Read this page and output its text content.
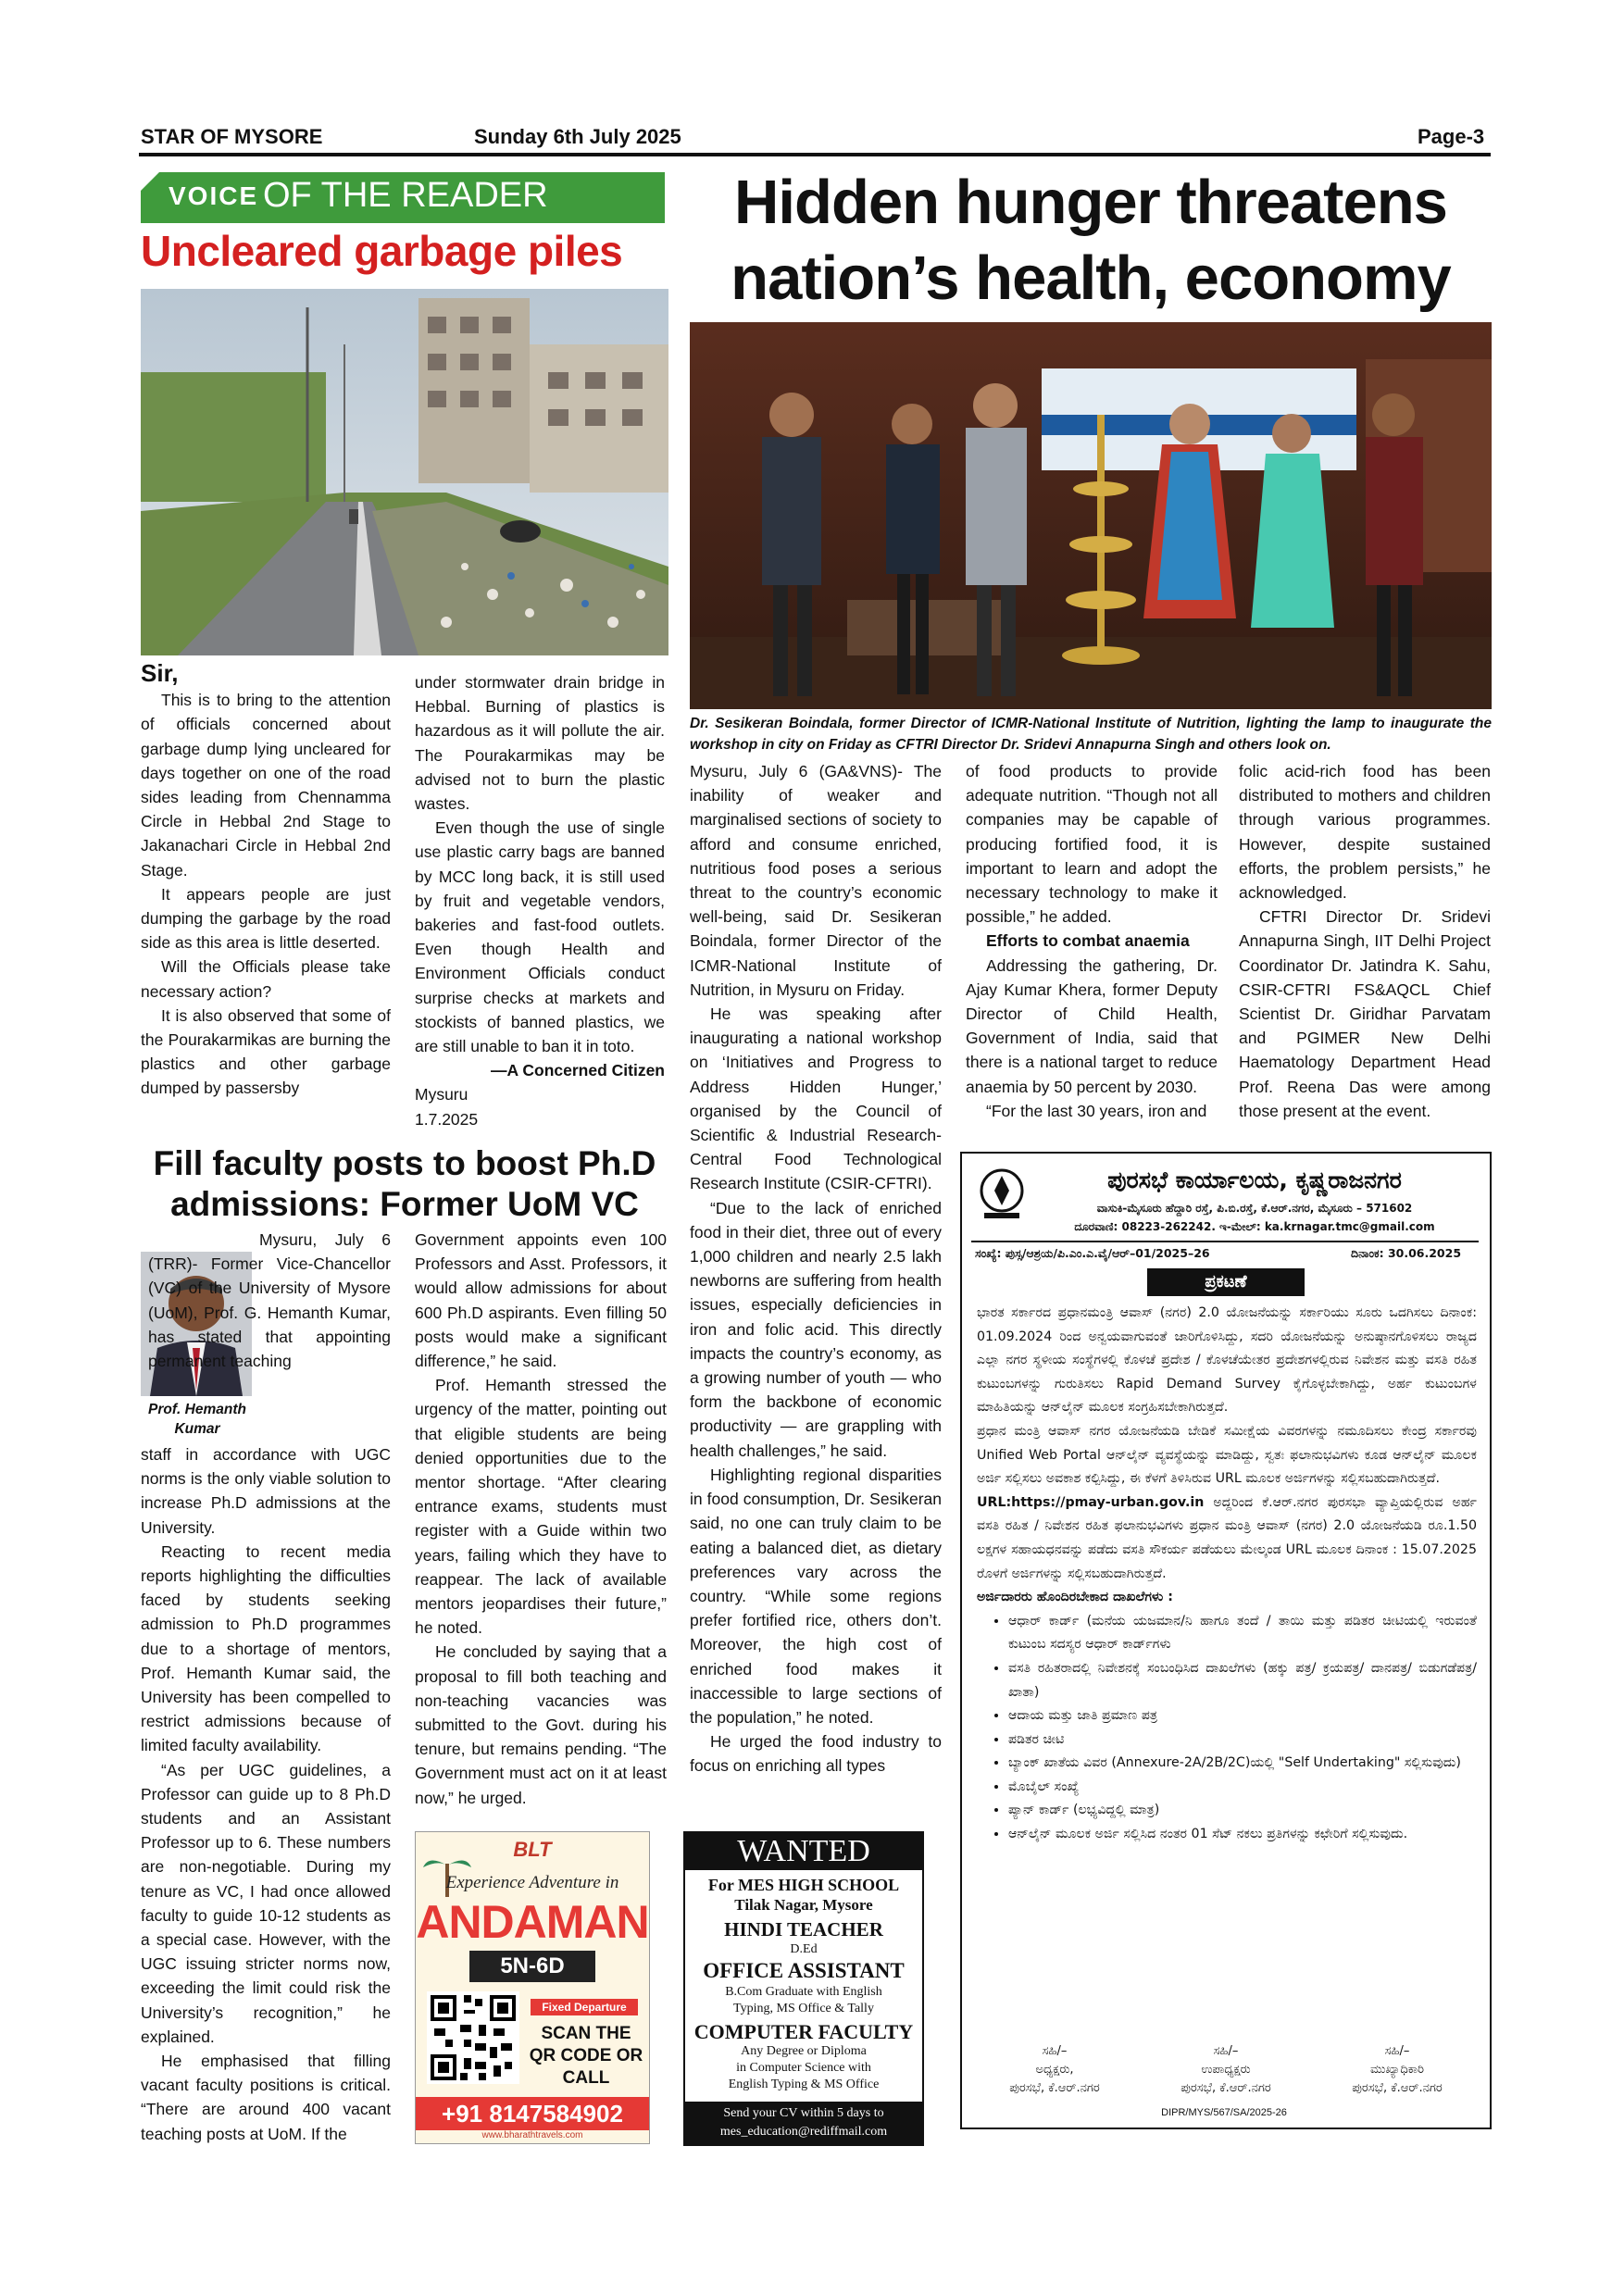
STAR OF MYSORE	Sunday 6th July 2025	Page-3
VOICE OF THE READER
Uncleared garbage piles

Sir,

This is to bring to the attention of officials concerned about garbage dump lying uncleared for days together on one of the road sides leading from Chennamma Circle in Hebbal 2nd Stage to Jakanachari Circle in Hebbal 2nd Stage.

It appears people are just dumping the garbage by the road side as this area is little deserted.

Will the Officials please take necessary action?

It is also observed that some of the Pourakarmikas are burning the plastics and other garbage dumped by passersby

under stormwater drain bridge in Hebbal. Burning of plastics is hazardous as it will pollute the air. The Pourakarmikas may be advised not to burn the plastic wastes.

Even though the use of single use plastic carry bags are banned by MCC long back, it is still used by fruit and vegetable vendors, bakeries and fast-food outlets. Even though Health and Environment Officials conduct surprise checks at markets and stockists of banned plastics, we are still unable to ban it in toto.

—A Concerned Citizen

Mysuru

1.7.2025

Hidden hunger threatens
nation’s health, economy
Dr. Sesikeran Boindala, former Director of ICMR-National Institute of Nutrition, lighting the lamp to inaugurate the workshop in city on Friday as CFTRI Director Dr. Sridevi Annapurna Singh and others look on.

Mysuru, July 6 (GA&VNS)- The inability of weaker and marginalised sections of society to afford and consume enriched, nutritious food poses a serious threat to the country’s economic well-being, said Dr. Sesikeran Boindala, former Director of the ICMR-National Institute of Nutrition, in Mysuru on Friday.

He was speaking after inaugurating a national workshop on ‘Initiatives and Progress to Address Hidden Hunger,’ organised by the Council of Scientific & Industrial Research-Central Food Technological Research Institute (CSIR-CFTRI).

“Due to the lack of enriched food in their diet, three out of every 1,000 children and nearly 2.5 lakh newborns are suffering from health issues, especially deficiencies in iron and folic acid. This directly impacts the country’s economy, as a growing number of youth — who form the backbone of economic productivity — are grappling with health challenges,” he said.

Highlighting regional disparities in food consumption, Dr. Sesikeran said, no one can truly claim to be eating a balanced diet, as dietary preferences vary across the country. “While some regions prefer fortified rice, others don’t. Moreover, the high cost of enriched food makes it inaccessible to large sections of the population,” he noted.

He urged the food industry to focus on enriching all types

of food products to provide adequate nutrition. “Though not all companies may be capable of producing fortified food, it is important to learn and adopt the necessary technology to make it possible,” he added.

Efforts to combat anaemia

Addressing the gathering, Dr. Ajay Kumar Khera, former Deputy Director of Child Health, Government of India, said that there is a national target to reduce anaemia by 50 percent by 2030.

“For the last 30 years, iron and

folic acid-rich food has been distributed to mothers and children through various programmes. However, despite sustained efforts, the problem persists,” he acknowledged.

CFTRI Director Dr. Sridevi Annapurna Singh, IIT Delhi Project Coordinator Dr. Jatindra K. Sahu, CSIR-CFTRI FS&AQCL Chief Scientist Dr. Giridhar Parvatam and PGIMER New Delhi Haematology Department Head Prof. Reena Das were among those present at the event.

Fill faculty posts to boost Ph.D
admissions: Former UoM VC
Prof. Hemanth Kumar

Mysuru, July 6 (TRR)- Former Vice-Chancellor (VC) of the University of Mysore (UoM), Prof. G. Hemanth Kumar, has stated that appointing permanent teaching

staff in accordance with UGC norms is the only viable solution to increase Ph.D admissions at the University.

Reacting to recent media reports highlighting the difficulties faced by students seeking admission to Ph.D programmes due to a shortage of mentors, Prof. Hemanth Kumar said, the University has been compelled to restrict admissions because of limited faculty availability.

“As per UGC guidelines, a Professor can guide up to 8 Ph.D students and an Assistant Professor up to 6. These numbers are non-negotiable. During my tenure as VC, I had once allowed faculty to guide 10-12 students as a special case. However, with the UGC issuing stricter norms now, exceeding the limit could risk the University’s recognition,” he explained.

He emphasised that filling vacant faculty positions is critical. “There are around 400 vacant teaching posts at UoM. If the

Government appoints even 100 Professors and Asst. Professors, it would allow admissions for about 600 Ph.D aspirants. Even filling 50 posts would make a significant difference,” he said.

Prof. Hemanth stressed the urgency of the matter, pointing out that eligible students are being denied opportunities due to the mentor shortage. “After clearing entrance exams, students must register with a Guide within two years, failing which they have to reappear. The lack of available mentors jeopardises their future,” he noted.

He concluded by saying that a proposal to fill both teaching and non-teaching vacancies was submitted to the Govt. during his tenure, but remains pending. “The Government must act on it at least now,” he urged.

BLT
Experience Adventure in
ANDAMAN
5N-6D
Fixed Departure
SCAN THE QR CODE OR CALL
+91 8147584902
www.bharathtravels.com
WANTED
For MES HIGH SCHOOL
Tilak Nagar, Mysore
HINDI TEACHER
D.Ed
OFFICE ASSISTANT
B.Com Graduate with English
Typing, MS Office & Tally
COMPUTER FACULTY
Any Degree or Diploma
in Computer Science with
English Typing & MS Office
Send your CV within 5 days to
mes_education@rediffmail.com
ಪುರಸಭೆ ಕಾರ್ಯಾಲಯ, ಕೃಷ್ಣರಾಜನಗರ
ವಾಸುಕಿ-ಮೈಸೂರು ಹೆದ್ದಾರಿ ರಸ್ತೆ, ಪಿ.ಬಿ.ರಸ್ತೆ, ಕೆ.ಆರ್.ನಗರ, ಮೈಸೂರು – 571602
ದೂರವಾಣಿ: 08223-262242. ಇ-ಮೇಲ್: ka.krnagar.tmc@gmail.com
ಸಂಖ್ಯೆ: ಪುಸ್ಸ/ಆಶ್ರಯ/ಪಿ.ಎಂ.ಎ.ವೈ/ಆರ್–01/2025–26	ದಿನಾಂಕ: 30.06.2025
ಪ್ರಕಟಣೆ
ಭಾರತ ಸರ್ಕಾರದ ಪ್ರಧಾನಮಂತ್ರಿ ಆವಾಸ್ (ನಗರ) 2.0 ಯೋಜನೆಯನ್ನು ಸರ್ಕಾರಿಯು ಸೂರು ಒದಗಿಸಲು ದಿನಾಂಕ: 01.09.2024 ರಿಂದ ಅನ್ವಯವಾಗುವಂತೆ ಜಾರಿಗೊಳಿಸಿದ್ದು, ಸದರಿ ಯೋಜನೆಯನ್ನು ಅನುಷ್ಠಾನಗೊಳಿಸಲು ರಾಜ್ಯದ ಎಲ್ಲಾ ನಗರ ಸ್ಥಳೀಯ ಸಂಸ್ಥೆಗಳಲ್ಲಿ ಕೊಳಚೆ ಪ್ರದೇಶ / ಕೊಳಚೆಯೇತರ ಪ್ರದೇಶಗಳಲ್ಲಿರುವ ನಿವೇಶನ ಮತ್ತು ವಸತಿ ರಹಿತ ಕುಟುಂಬಗಳನ್ನು ಗುರುತಿಸಲು Rapid Demand Survey ಕೈಗೊಳ್ಳಬೇಕಾಗಿದ್ದು, ಅರ್ಹ ಕುಟುಂಬಗಳ ಮಾಹಿತಿಯನ್ನು ಆನ್‌ಲೈನ್ ಮೂಲಕ ಸಂಗ್ರಹಿಸಬೇಕಾಗಿರುತ್ತದೆ.
ಪ್ರಧಾನ ಮಂತ್ರಿ ಆವಾಸ್ ನಗರ ಯೋಜನೆಯಡಿ ಬೇಡಿಕೆ ಸಮೀಕ್ಷೆಯ ವಿವರಗಳನ್ನು ನಮೂದಿಸಲು ಕೇಂದ್ರ ಸರ್ಕಾರವು Unified Web Portal ಆನ್‌ಲೈನ್ ವ್ಯವಸ್ಥೆಯನ್ನು ಮಾಡಿದ್ದು, ಸ್ವತಃ ಫಲಾನುಭವಿಗಳು ಕೂಡ ಆನ್‌ಲೈನ್ ಮೂಲಕ ಅರ್ಜಿ ಸಲ್ಲಿಸಲು ಅವಕಾಶ ಕಲ್ಪಿಸಿದ್ದು, ಈ ಕೆಳಗೆ ತಿಳಿಸಿರುವ URL ಮೂಲಕ ಅರ್ಜಿಗಳನ್ನು ಸಲ್ಲಿಸಬಹುದಾಗಿರುತ್ತದೆ.
URL:https://pmay-urban.gov.in ಅದ್ದರಿಂದ ಕೆ.ಆರ್.ನಗರ ಪುರಸಭಾ ವ್ಯಾಪ್ತಿಯಲ್ಲಿರುವ ಅರ್ಹ ವಸತಿ ರಹಿತ / ನಿವೇಶನ ರಹಿತ ಫಲಾನುಭವಿಗಳು ಪ್ರಧಾನ ಮಂತ್ರಿ ಆವಾಸ್ (ನಗರ) 2.0 ಯೋಜನೆಯಡಿ ರೂ.1.50 ಲಕ್ಷಗಳ ಸಹಾಯಧನವನ್ನು ಪಡೆದು ವಸತಿ ಸೌಕರ್ಯ ಪಡೆಯಲು ಮೇಲ್ಕಂಡ URL ಮೂಲಕ ದಿನಾಂಕ : 15.07.2025 ರೊಳಗೆ ಅರ್ಜಿಗಳನ್ನು ಸಲ್ಲಿಸಬಹುದಾಗಿರುತ್ತದೆ.
ಅರ್ಜಿದಾರರು ಹೊಂದಿರಬೇಕಾದ ದಾಖಲೆಗಳು :
• ಆಧಾರ್ ಕಾರ್ಡ್ (ಮನೆಯ ಯಜಮಾನ/ನಿ ಹಾಗೂ ತಂದೆ / ತಾಯಿ ಮತ್ತು ಪಡಿತರ ಚೀಟಿಯಲ್ಲಿ ಇರುವಂತೆ ಕುಟುಂಬ ಸದಸ್ಯರ ಆಧಾರ್ ಕಾರ್ಡ್‌ಗಳು
• ವಸತಿ ರಹಿತರಾದಲ್ಲಿ ನಿವೇಶನಕ್ಕೆ ಸಂಬಂಧಿಸಿದ ದಾಖಲೆಗಳು (ಹಕ್ಕು ಪತ್ರ/ ಕ್ರಯಪತ್ರ/ ದಾನಪತ್ರ/ ಬಿಡುಗಡೆಪತ್ರ/ಖಾತಾ)
• ಆದಾಯ ಮತ್ತು ಜಾತಿ ಪ್ರಮಾಣ ಪತ್ರ
• ಪಡಿತರ ಚೀಟಿ
• ಬ್ಯಾಂಕ್ ಖಾತೆಯ ವಿವರ (Annexure-2A/2B/2C)ಯಲ್ಲಿ "Self Undertaking" ಸಲ್ಲಿಸುವುದು)
• ಮೊಬೈಲ್ ಸಂಖ್ಯೆ
• ಪ್ಯಾನ್ ಕಾರ್ಡ್ (ಲಭ್ಯವಿದ್ದಲ್ಲಿ ಮಾತ್ರ)
• ಆನ್‌ಲೈನ್ ಮೂಲಕ ಅರ್ಜಿ ಸಲ್ಲಿಸಿದ ನಂತರ 01 ಸೆಟ್ ನಕಲು ಪ್ರತಿಗಳನ್ನು ಕಛೇರಿಗೆ ಸಲ್ಲಿಸುವುದು.
ಸಹಿ/–
ಅಧ್ಯಕ್ಷರು,
ಪುರಸಭೆ, ಕೆ.ಆರ್.ನಗರ
ಸಹಿ/–
ಉಪಾಧ್ಯಕ್ಷರು
ಪುರಸಭೆ, ಕೆ.ಆರ್.ನಗರ
ಸಹಿ/–
ಮುಖ್ಯಾಧಿಕಾರಿ
ಪುರಸಭೆ, ಕೆ.ಆರ್.ನಗರ
DIPR/MYS/567/SA/2025-26
